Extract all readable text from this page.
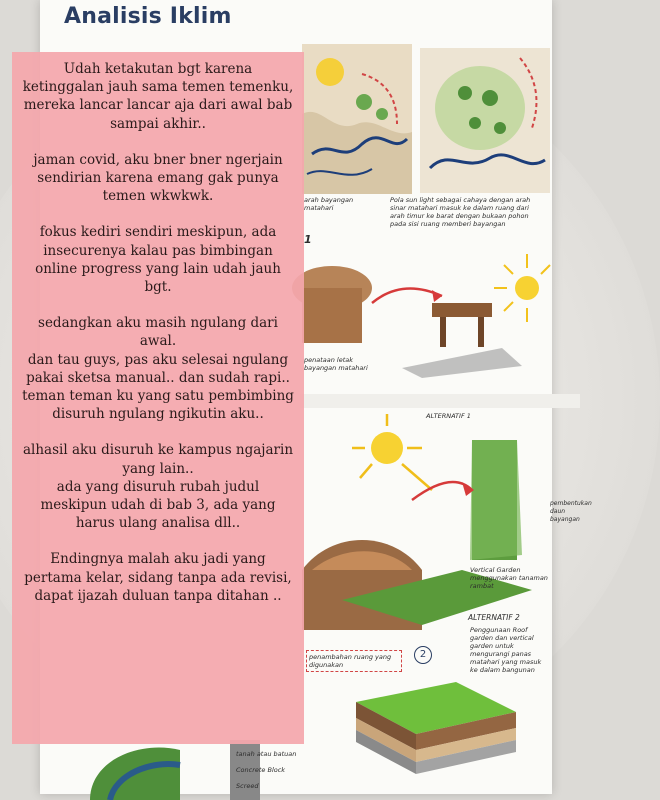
Analisis Iklim
arah bayangan matahari
Pola sun light sebagai cahaya dengan arah sinar matahari masuk ke dalam ruang dari arah timur ke barat dengan bukaan pohon pada sisi ruang memberi bayangan
1
penataan letak bayangan matahari
ALTERNATIF 1
pembentukan daun bayangan
Vertical Garden menggunakan tanaman rambat
ALTERNATIF 2
Penggunaan Roof garden dan vertical garden untuk mengurangi panas matahari yang masuk ke dalam bangunan
penambahan ruang yang digunakan
2
tanah atau batuan
Concrete Block
Screed

Udah ketakutan bgt karena ketinggalan jauh sama temen temenku, mereka lancar lancar aja dari awal bab sampai akhir..

jaman covid, aku bner bner ngerjain sendirian karena emang gak punya temen wkwkwk.

fokus kediri sendiri meskipun, ada insecurenya kalau pas bimbingan online progress yang lain udah jauh bgt.

sedangkan aku masih ngulang dari awal.
dan tau guys, pas aku selesai ngulang pakai sketsa manual.. dan sudah rapi.. teman teman ku yang satu pembimbing disuruh ngulang ngikutin aku..

alhasil aku disuruh ke kampus ngajarin yang lain..
ada yang disuruh rubah judul meskipun udah di bab 3, ada yang harus ulang analisa dll..

Endingnya malah aku jadi yang pertama kelar, sidang tanpa ada revisi, dapat ijazah duluan tanpa ditahan ..
